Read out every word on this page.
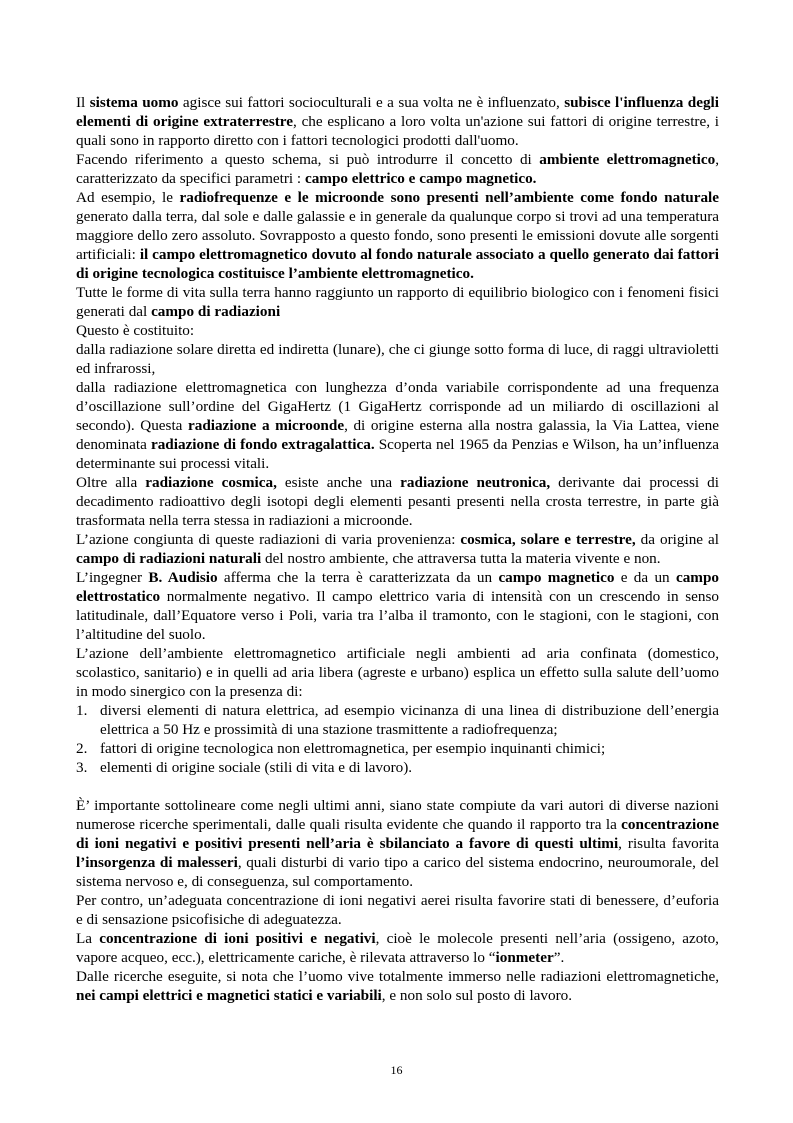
Il sistema uomo agisce sui fattori socioculturali e a sua volta ne è influenzato, subisce l'influenza degli elementi di origine extraterrestre, che esplicano a loro volta un'azione sui fattori di origine terrestre, i quali sono in rapporto diretto con i fattori tecnologici prodotti dall'uomo.

Facendo riferimento a questo schema, si può introdurre il concetto di ambiente elettromagnetico, caratterizzato da specifici parametri : campo elettrico e campo magnetico.

Ad esempio, le radiofrequenze e le microonde sono presenti nell’ambiente come fondo naturale generato dalla terra, dal sole e dalle galassie e in generale da qualunque corpo si trovi ad una temperatura maggiore dello zero assoluto. Sovrapposto a questo fondo, sono presenti le emissioni dovute alle sorgenti artificiali: il campo elettromagnetico dovuto al fondo naturale associato a quello generato dai fattori di origine tecnologica costituisce l’ambiente elettromagnetico.

Tutte le forme di vita sulla terra hanno raggiunto un rapporto di equilibrio biologico con i fenomeni fisici generati dal campo di radiazioni

Questo è costituito:

dalla radiazione solare diretta ed indiretta (lunare), che ci giunge sotto forma di luce, di raggi ultravioletti ed infrarossi,

dalla radiazione elettromagnetica con lunghezza d’onda variabile corrispondente ad una frequenza d’oscillazione sull’ordine del GigaHertz (1 GigaHertz corrisponde ad un miliardo di oscillazioni al secondo). Questa radiazione a microonde, di origine esterna alla nostra galassia, la Via Lattea, viene denominata radiazione di fondo extragalattica. Scoperta nel 1965 da Penzias e Wilson, ha un’influenza determinante sui processi vitali.

Oltre alla radiazione cosmica, esiste anche una radiazione neutronica, derivante dai processi di decadimento radioattivo degli isotopi degli elementi pesanti presenti nella crosta terrestre, in parte già trasformata nella terra stessa in radiazioni a microonde.

L’azione congiunta di queste radiazioni di varia provenienza: cosmica, solare e terrestre, da origine al campo di radiazioni naturali del nostro ambiente, che attraversa tutta la materia vivente e non.

L’ingegner B. Audisio afferma che la terra è caratterizzata da un campo magnetico e da un campo elettrostatico normalmente negativo. Il campo elettrico varia di intensità con un crescendo in senso latitudinale, dall’Equatore verso i Poli, varia tra l’alba il tramonto, con le stagioni, con le stagioni, con l’altitudine del suolo.

L’azione dell’ambiente elettromagnetico artificiale negli ambienti ad aria confinata (domestico, scolastico, sanitario) e in quelli ad aria libera (agreste e urbano) esplica un effetto sulla salute dell’uomo in modo sinergico con la presenza di:

1. diversi elementi di natura elettrica, ad esempio vicinanza di una linea di distribuzione dell’energia elettrica a 50 Hz e prossimità di una stazione trasmittente a radiofrequenza;
2. fattori di origine tecnologica non elettromagnetica, per esempio inquinanti chimici;
3. elementi di origine sociale (stili di vita e di lavoro).

È’ importante sottolineare come negli ultimi anni, siano state compiute da vari autori di diverse nazioni numerose ricerche sperimentali, dalle quali risulta evidente che quando il rapporto tra la concentrazione di ioni negativi e positivi presenti nell’aria è sbilanciato a favore di questi ultimi, risulta favorita l’insorgenza di malesseri, quali disturbi di vario tipo a carico del sistema endocrino, neuroumorale, del sistema nervoso e, di conseguenza, sul comportamento.

Per contro, un’adeguata concentrazione di ioni negativi aerei risulta favorire stati di benessere, d’euforia e di sensazione psicofisiche di adeguatezza.

La concentrazione di ioni positivi e negativi, cioè le molecole presenti nell’aria (ossigeno, azoto, vapore acqueo, ecc.), elettricamente cariche, è rilevata attraverso lo “ionmeter”.

Dalle ricerche eseguite, si nota che l’uomo vive totalmente immerso nelle radiazioni elettromagnetiche, nei campi elettrici e magnetici statici e variabili, e non solo sul posto di lavoro.

16
